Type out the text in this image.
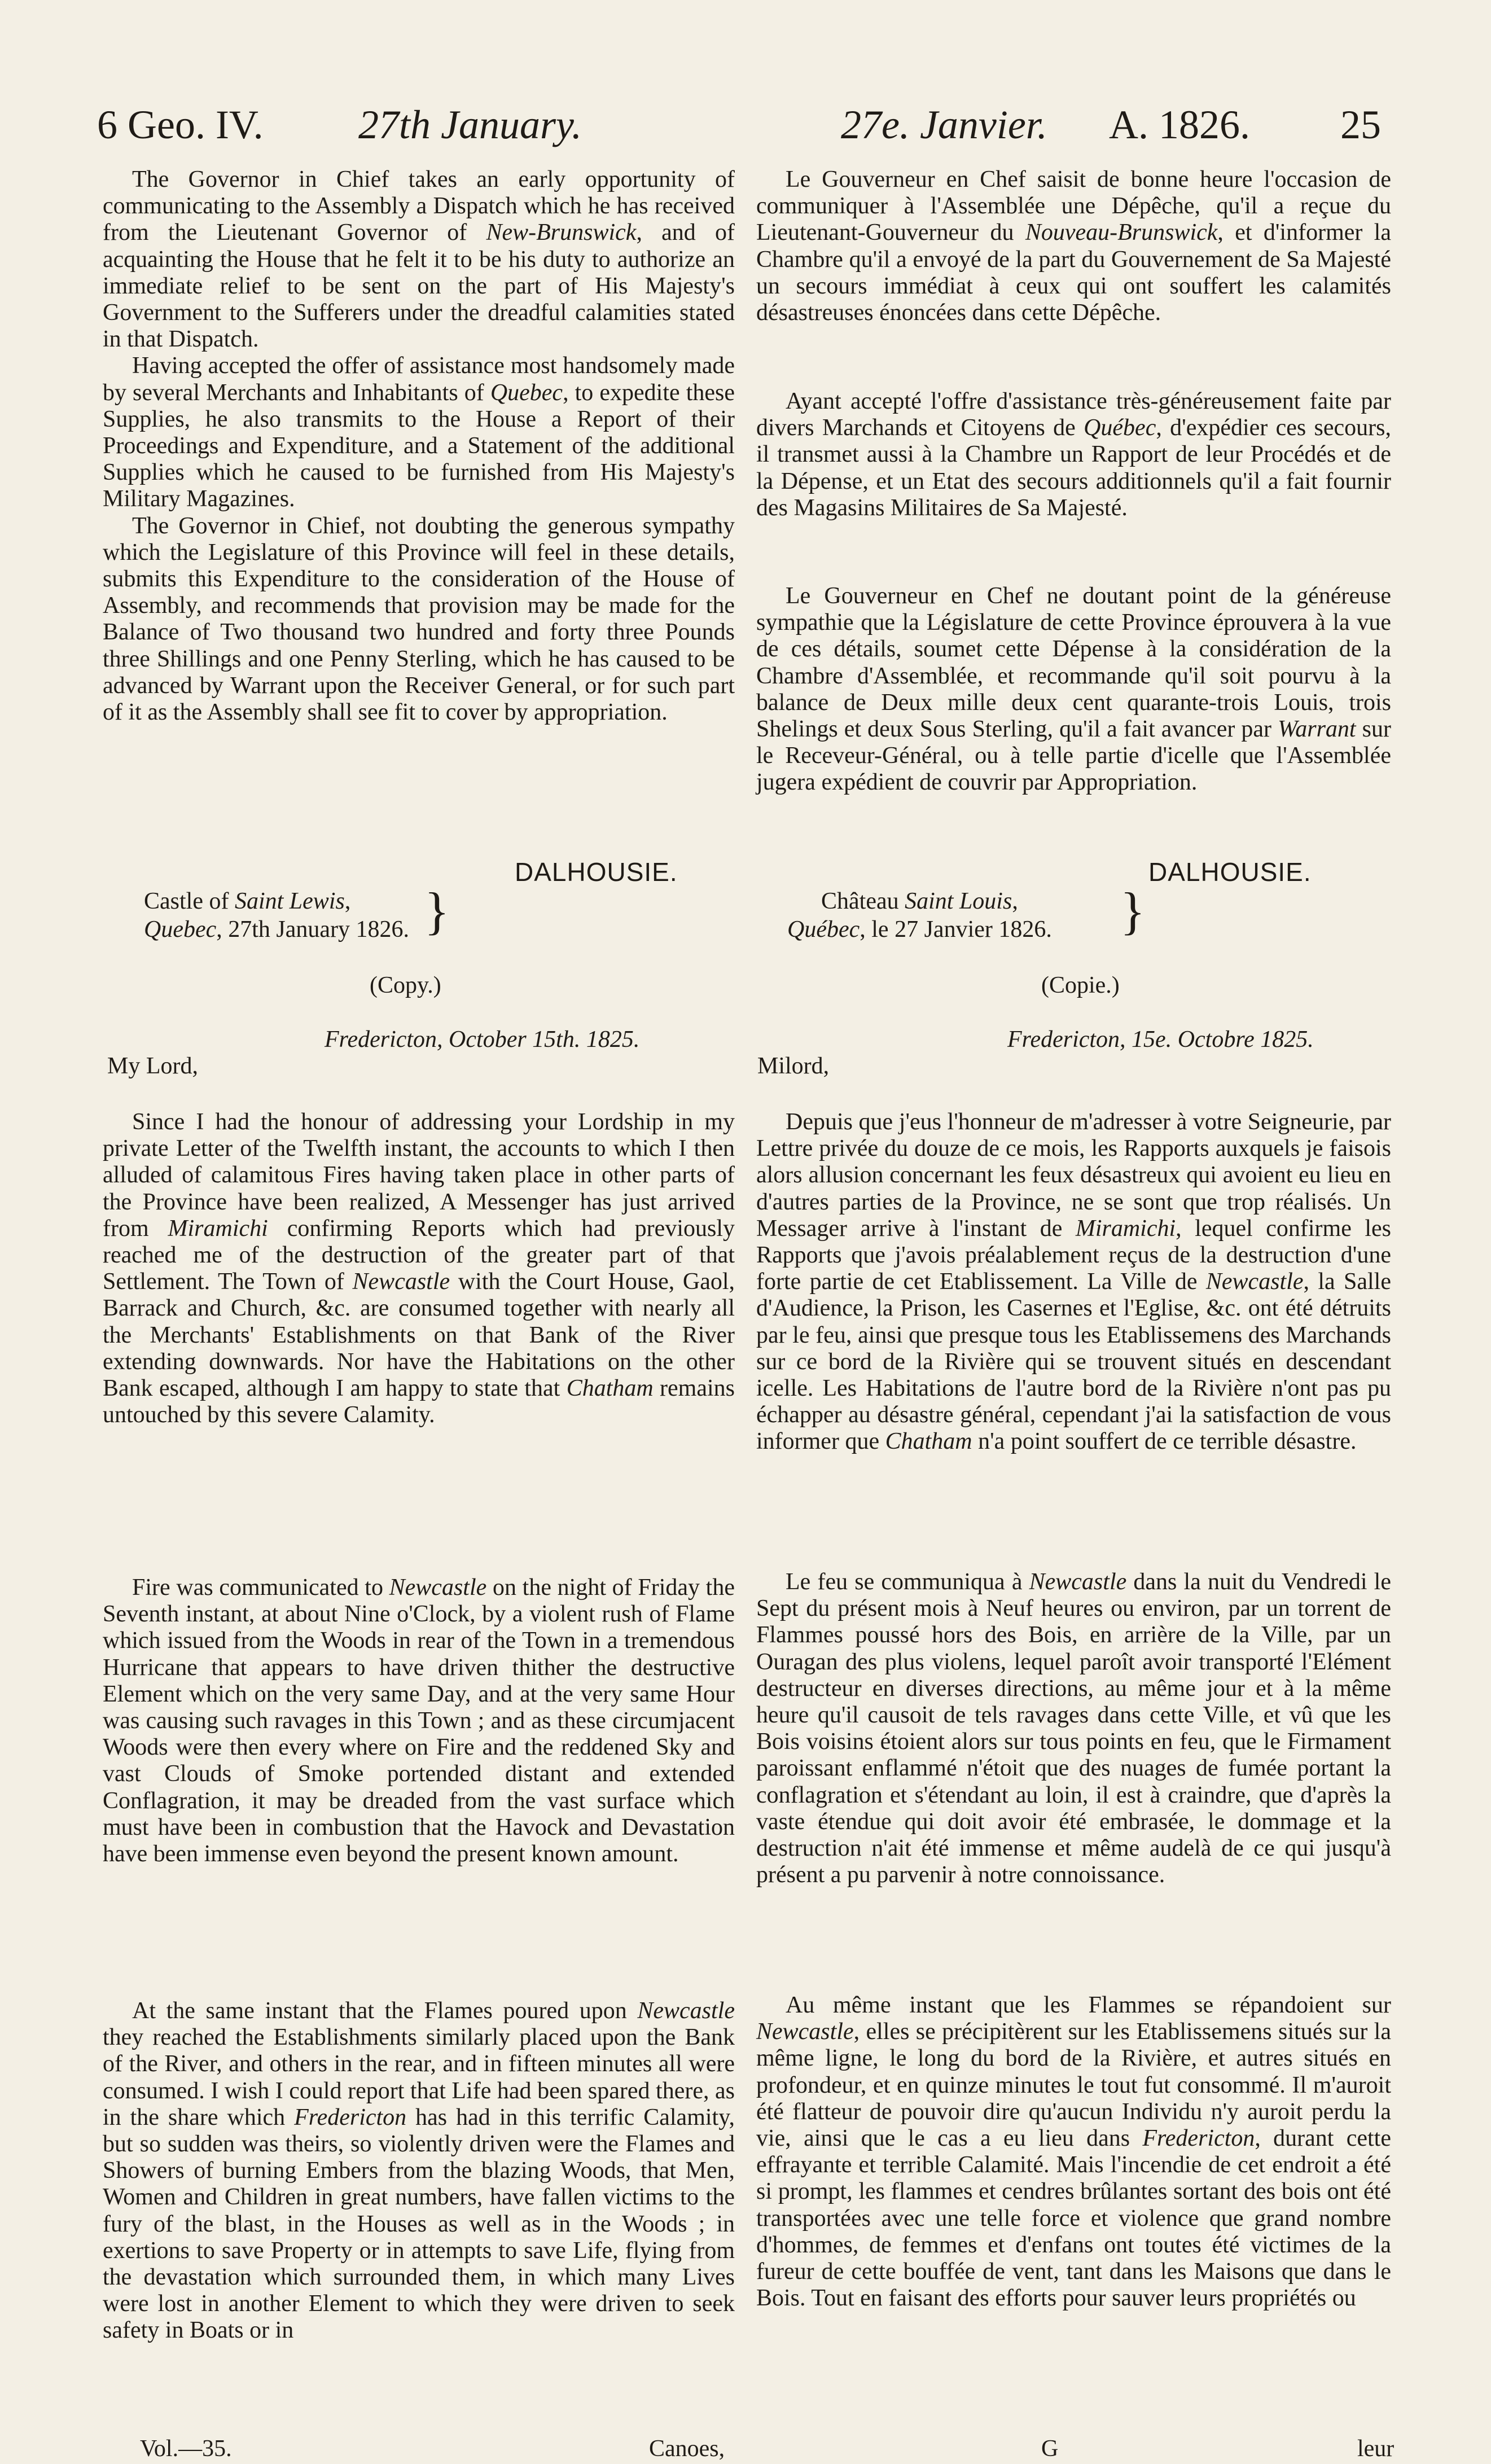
6 Geo. IV. 27th January.	27e. Janvier. A. 1826. 25

The Governor in Chief takes an early opportunity of communicating to the Assembly a Dispatch which he has received from the Lieutenant Governor of New-Brunswick, and of acquainting the House that he felt it to be his duty to authorize an immediate relief to be sent on the part of His Majesty's Government to the Sufferers under the dreadful calamities stated in that Dispatch.

Having accepted the offer of assistance most handsomely made by several Merchants and Inhabitants of Quebec, to expedite these Supplies, he also transmits to the House a Report of their Proceedings and Expenditure, and a Statement of the additional Supplies which he caused to be furnished from His Majesty's Military Magazines.

The Governor in Chief, not doubting the generous sympathy which the Legislature of this Province will feel in these details, submits this Expenditure to the consideration of the House of Assembly, and recommends that provision may be made for the Balance of Two thousand two hundred and forty three Pounds three Shillings and one Penny Sterling, which he has caused to be advanced by Warrant upon the Receiver General, or for such part of it as the Assembly shall see fit to cover by appropriation.

DALHOUSIE.
Castle of Saint Lewis,
Quebec, 27th January 1826. }
(Copy.)
Fredericton, October 15th. 1825.
My Lord,

Since I had the honour of addressing your Lordship in my private Letter of the Twelfth instant, the accounts to which I then alluded of calamitous Fires having taken place in other parts of the Province have been realized, A Messenger has just arrived from Miramichi confirming Reports which had previously reached me of the destruction of the greater part of that Settlement. The Town of Newcastle with the Court House, Gaol, Barrack and Church, &c. are consumed together with nearly all the Merchants' Establishments on that Bank of the River extending downwards. Nor have the Habitations on the other Bank escaped, although I am happy to state that Chatham remains untouched by this severe Calamity.

Fire was communicated to Newcastle on the night of Friday the Seventh instant, at about Nine o'Clock, by a violent rush of Flame which issued from the Woods in rear of the Town in a tremendous Hurricane that appears to have driven thither the destructive Element which on the very same Day, and at the very same Hour was causing such ravages in this Town ; and as these circumjacent Woods were then every where on Fire and the reddened Sky and vast Clouds of Smoke portended distant and extended Conflagration, it may be dreaded from the vast surface which must have been in combustion that the Havock and Devastation have been immense even beyond the present known amount.

At the same instant that the Flames poured upon Newcastle they reached the Establishments similarly placed upon the Bank of the River, and others in the rear, and in fifteen minutes all were consumed. I wish I could report that Life had been spared there, as in the share which Fredericton has had in this terrific Calamity, but so sudden was theirs, so violently driven were the Flames and Showers of burning Embers from the blazing Woods, that Men, Women and Children in great numbers, have fallen victims to the fury of the blast, in the Houses as well as in the Woods ; in exertions to save Property or in attempts to save Life, flying from the devastation which surrounded them, in which many Lives were lost in another Element to which they were driven to seek safety in Boats or in

Vol.—35.	Canoes,

Le Gouverneur en Chef saisit de bonne heure l'occasion de communiquer à l'Assemblée une Dépêche, qu'il a reçue du Lieutenant-Gouverneur du Nouveau-Brunswick, et d'informer la Chambre qu'il a envoyé de la part du Gouvernement de Sa Majesté un secours immédiat à ceux qui ont souffert les calamités désastreuses énoncées dans cette Dépêche.

Ayant accepté l'offre d'assistance très-généreusement faite par divers Marchands et Citoyens de Québec, d'expédier ces secours, il transmet aussi à la Chambre un Rapport de leur Procédés et de la Dépense, et un Etat des secours additionnels qu'il a fait fournir des Magasins Militaires de Sa Majesté.

Le Gouverneur en Chef ne doutant point de la généreuse sympathie que la Législature de cette Province éprouvera à la vue de ces détails, soumet cette Dépense à la considération de la Chambre d'Assemblée, et recommande qu'il soit pourvu à la balance de Deux mille deux cent quarante-trois Louis, trois Shelings et deux Sous Sterling, qu'il a fait avancer par Warrant sur le Receveur-Général, ou à telle partie d'icelle que l'Assemblée jugera expédient de couvrir par Appropriation.

DALHOUSIE.
Château Saint Louis,
Québec, le 27 Janvier 1826. }
(Copie.)
Fredericton, 15e. Octobre 1825.
Milord,

Depuis que j'eus l'honneur de m'adresser à votre Seigneurie, par Lettre privée du douze de ce mois, les Rapports auxquels je faisois alors allusion concernant les feux désastreux qui avoient eu lieu en d'autres parties de la Province, ne se sont que trop réalisés. Un Messager arrive à l'instant de Miramichi, lequel confirme les Rapports que j'avois préalablement reçus de la destruction d'une forte partie de cet Etablissement. La Ville de Newcastle, la Salle d'Audience, la Prison, les Casernes et l'Eglise, &c. ont été détruits par le feu, ainsi que presque tous les Etablissemens des Marchands sur ce bord de la Rivière qui se trouvent situés en descendant icelle. Les Habitations de l'autre bord de la Rivière n'ont pas pu échapper au désastre général, cependant j'ai la satisfaction de vous informer que Chatham n'a point souffert de ce terrible désastre.

Le feu se communiqua à Newcastle dans la nuit du Vendredi le Sept du présent mois à Neuf heures ou environ, par un torrent de Flammes poussé hors des Bois, en arrière de la Ville, par un Ouragan des plus violens, lequel paroît avoir transporté l'Elément destructeur en diverses directions, au même jour et à la même heure qu'il causoit de tels ravages dans cette Ville, et vû que les Bois voisins étoient alors sur tous points en feu, que le Firmament paroissant enflammé n'étoit que des nuages de fumée portant la conflagration et s'étendant au loin, il est à craindre, que d'après la vaste étendue qui doit avoir été embrasée, le dommage et la destruction n'ait été immense et même audelà de ce qui jusqu'à présent a pu parvenir à notre connoissance.

Au même instant que les Flammes se répandoient sur Newcastle, elles se précipitèrent sur les Etablissemens situés sur la même ligne, le long du bord de la Rivière, et autres situés en profondeur, et en quinze minutes le tout fut consommé. Il m'auroit été flatteur de pouvoir dire qu'aucun Individu n'y auroit perdu la vie, ainsi que le cas a eu lieu dans Fredericton, durant cette effrayante et terrible Calamité. Mais l'incendie de cet endroit a été si prompt, les flammes et cendres brûlantes sortant des bois ont été transportées avec une telle force et violence que grand nombre d'hommes, de femmes et d'enfans ont toutes été victimes de la fureur de cette bouffée de vent, tant dans les Maisons que dans le Bois. Tout en faisant des efforts pour sauver leurs propriétés ou

G	leur
